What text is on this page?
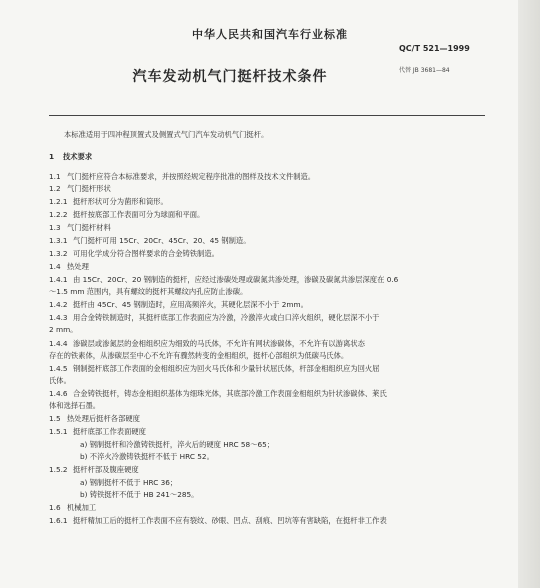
中华人民共和国汽车行业标准
QC/T 521—1999
汽车发动机气门挺杆技术条件	代替 JB 3681—84
本标准适用于四冲程顶置式及侧置式气门汽车发动机气门挺杆。
1 技术要求
1.1 气门挺杆应符合本标准要求，并按照经规定程序批准的图样及技术文件制造。
1.2 气门挺杆形状
1.2.1 挺杆形状可分为菌形和筒形。
1.2.2 挺杆按底部工作表面可分为球面和平面。
1.3 气门挺杆材料
1.3.1 气门挺杆可用 15Cr、20Cr、45Cr、20、45 钢制造。
1.3.2 可用化学成分符合图样要求的合金铸铁制造。
1.4 热处理
1.4.1 由 15Cr、20Cr、20 钢制造的挺杆，应经过渗碳处理或碳氮共渗处理，渗碳及碳氮共渗层深度在 0.6
～1.5 mm 范围内，具有螺纹的挺杆其螺纹内孔应防止渗碳。
1.4.2 挺杆由 45Cr、45 钢制造时，应用高频淬火，其硬化层深不小于 2mm。
1.4.3 用合金铸铁制造时，其挺杆底部工作表面应为冷激，冷激淬火或白口淬火组织，硬化层深不小于
2 mm。
1.4.4 渗碳层或渗氮层的金相组织应为细致的马氏体，不允许有网状渗碳体，不允许有以游离状态
存在的铁素体，从渗碳层至中心不允许有骤然转变的金相组织，挺杆心部组织为低碳马氏体。
1.4.5 钢制挺杆底部工作表面的金相组织应为回火马氏体和少量针状屈氏体，杆部金相组织应为回火屈
氏体。
1.4.6 合金铸铁挺杆，铸态金相组织基体为细珠光体，其底部冷激工作表面金相组织为针状渗碳体、莱氏
体和选择石墨。
1.5 热处理后挺杆各部硬度
1.5.1 挺杆底部工作表面硬度
a) 钢制挺杆和冷激铸铁挺杆，淬火后的硬度 HRC 58～65；
b) 不淬火冷激铸铁挺杆不低于 HRC 52。
1.5.2 挺杆杆部及腹座硬度
a) 钢制挺杆不低于 HRC 36；
b) 铸铁挺杆不低于 HB 241～285。
1.6 机械加工
1.6.1 挺杆精加工后的挺杆工作表面不应有裂纹、砂眼、凹点、刮痕、凹坑等有害缺陷，在挺杆非工作表
